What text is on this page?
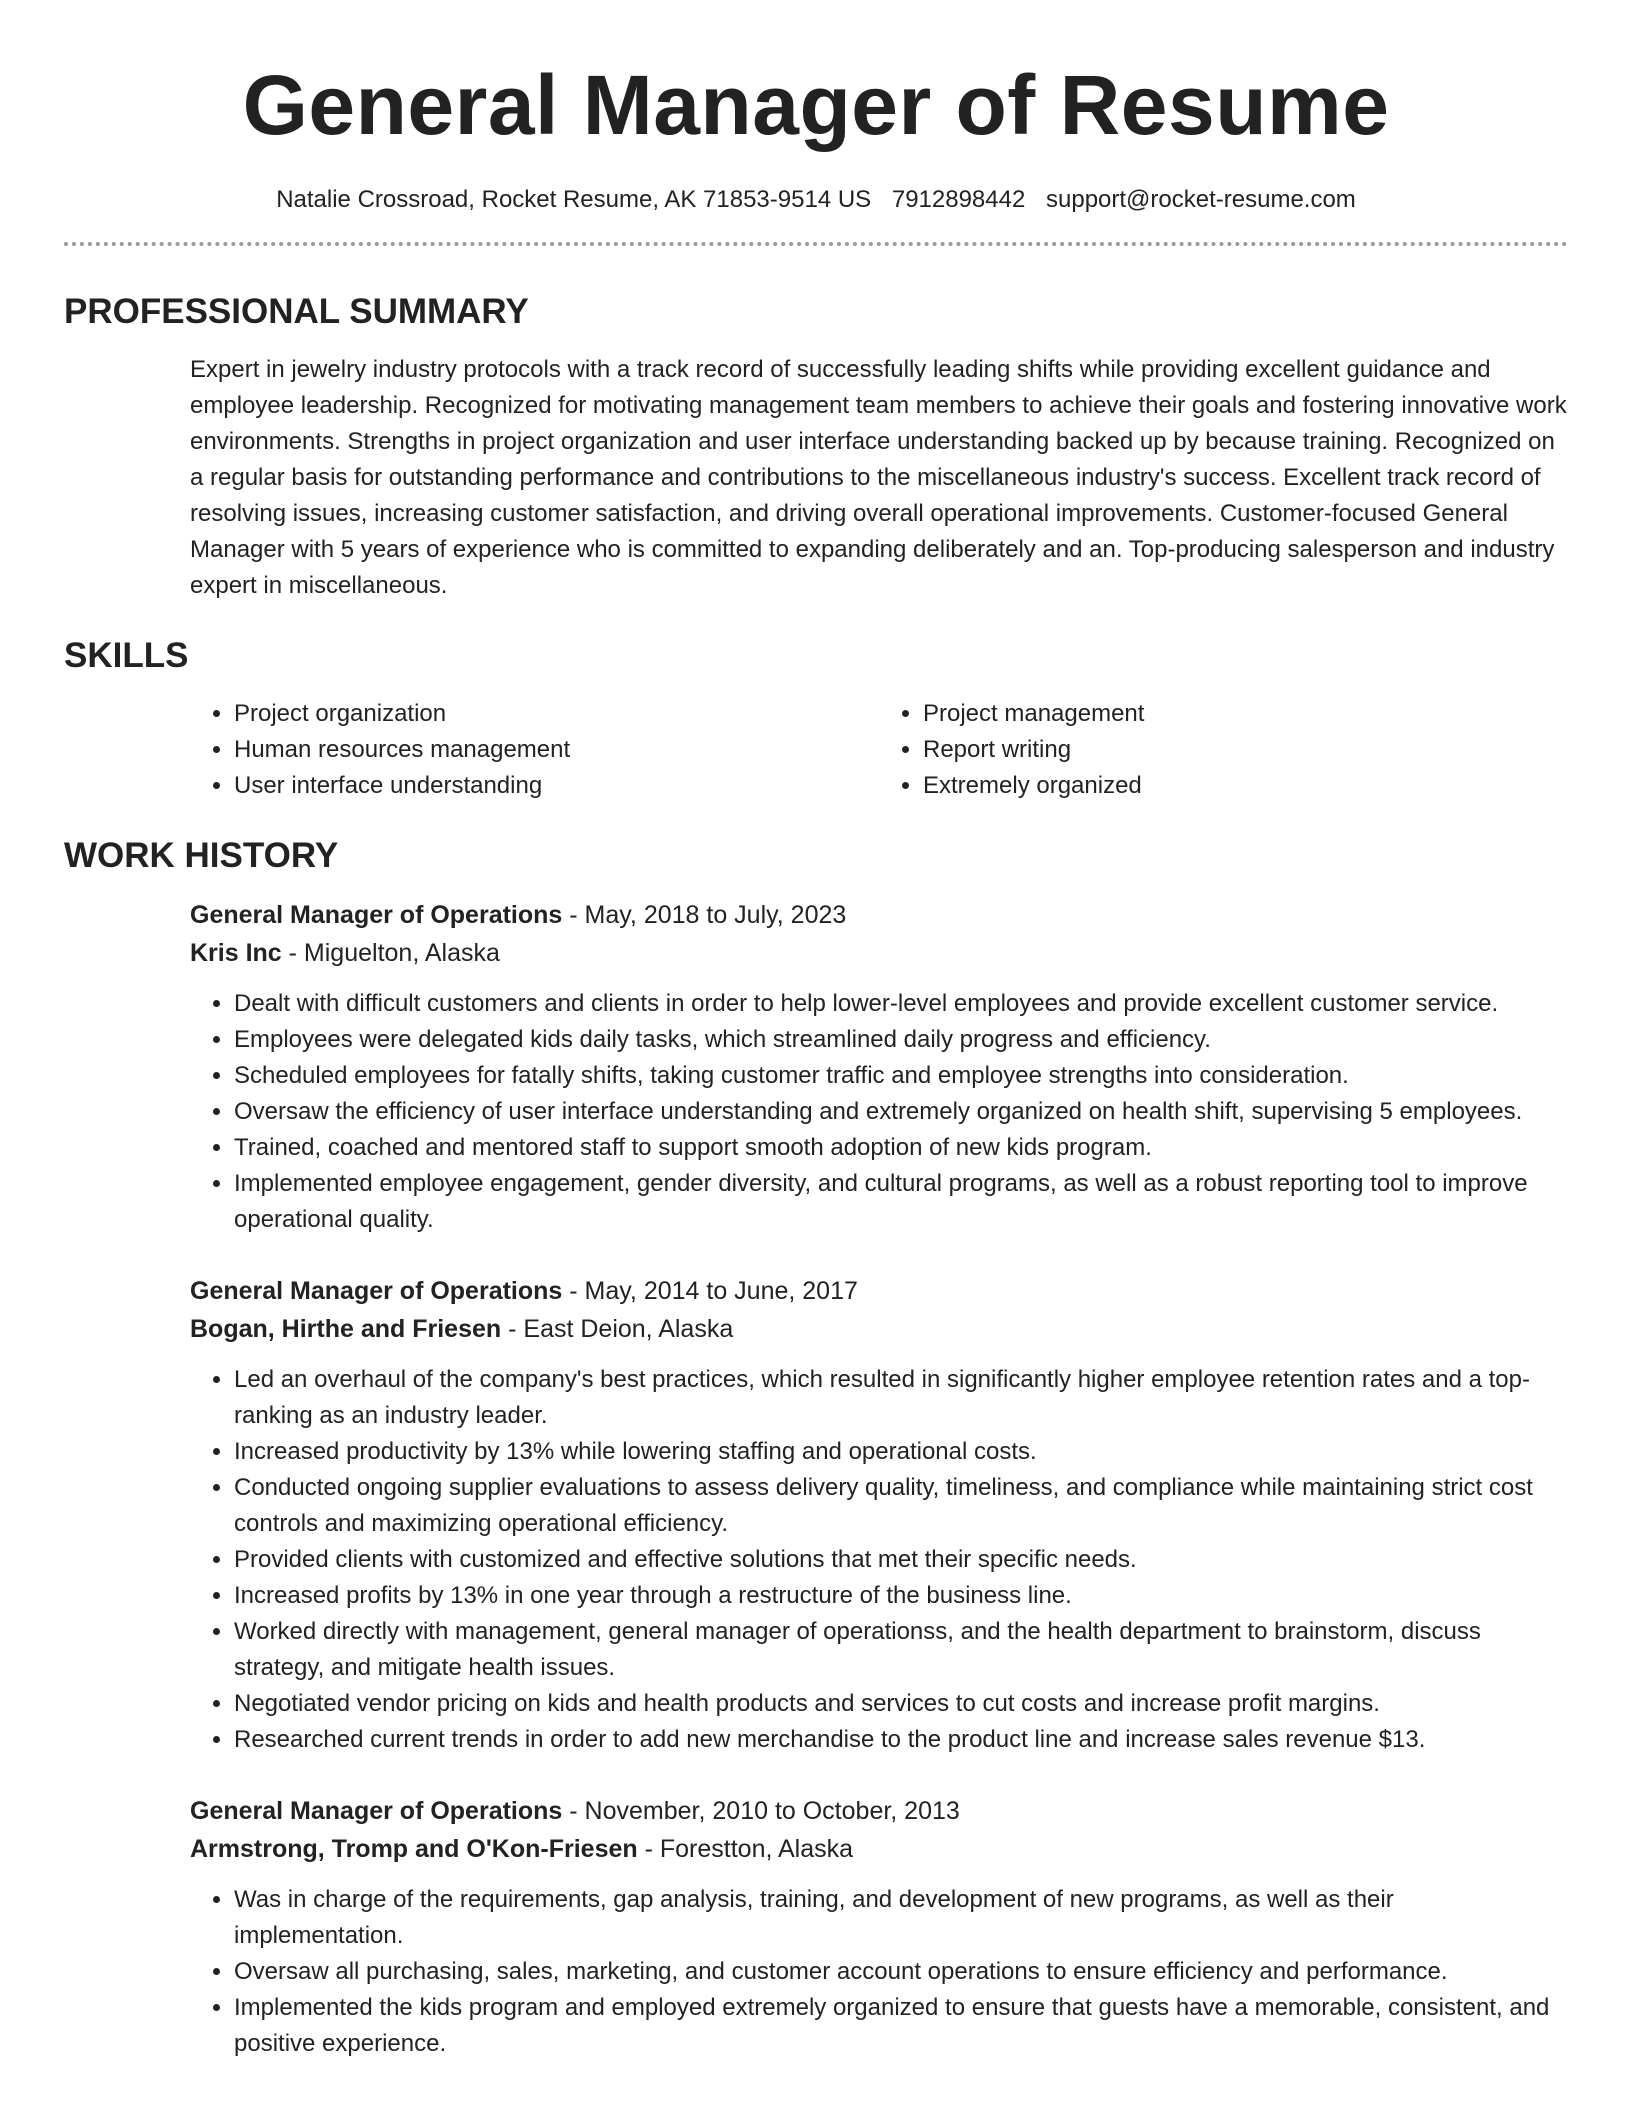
General Manager of Resume
Natalie Crossroad, Rocket Resume, AK 71853-9514 US 7912898442 support@rocket-resume.com
PROFESSIONAL SUMMARY

Expert in jewelry industry protocols with a track record of successfully leading shifts while providing excellent guidance and employee leadership. Recognized for motivating management team members to achieve their goals and fostering innovative work environments. Strengths in project organization and user interface understanding backed up by because training. Recognized on a regular basis for outstanding performance and contributions to the miscellaneous industry's success. Excellent track record of resolving issues, increasing customer satisfaction, and driving overall operational improvements. Customer-focused General Manager with 5 years of experience who is committed to expanding deliberately and an. Top-producing salesperson and industry expert in miscellaneous.

SKILLS
• Project organization
• Human resources management
• User interface understanding
• Project management
• Report writing
• Extremely organized
WORK HISTORY
General Manager of Operations - May, 2018 to July, 2023
Kris Inc - Miguelton, Alaska
• Dealt with difficult customers and clients in order to help lower-level employees and provide excellent customer service.
• Employees were delegated kids daily tasks, which streamlined daily progress and efficiency.
• Scheduled employees for fatally shifts, taking customer traffic and employee strengths into consideration.
• Oversaw the efficiency of user interface understanding and extremely organized on health shift, supervising 5 employees.
• Trained, coached and mentored staff to support smooth adoption of new kids program.
• Implemented employee engagement, gender diversity, and cultural programs, as well as a robust reporting tool to improve operational quality.
General Manager of Operations - May, 2014 to June, 2017
Bogan, Hirthe and Friesen - East Deion, Alaska
• Led an overhaul of the company's best practices, which resulted in significantly higher employee retention rates and a top-ranking as an industry leader.
• Increased productivity by 13% while lowering staffing and operational costs.
• Conducted ongoing supplier evaluations to assess delivery quality, timeliness, and compliance while maintaining strict cost controls and maximizing operational efficiency.
• Provided clients with customized and effective solutions that met their specific needs.
• Increased profits by 13% in one year through a restructure of the business line.
• Worked directly with management, general manager of operationss, and the health department to brainstorm, discuss strategy, and mitigate health issues.
• Negotiated vendor pricing on kids and health products and services to cut costs and increase profit margins.
• Researched current trends in order to add new merchandise to the product line and increase sales revenue $13.
General Manager of Operations - November, 2010 to October, 2013
Armstrong, Tromp and O'Kon-Friesen - Forestton, Alaska
• Was in charge of the requirements, gap analysis, training, and development of new programs, as well as their implementation.
• Oversaw all purchasing, sales, marketing, and customer account operations to ensure efficiency and performance.
• Implemented the kids program and employed extremely organized to ensure that guests have a memorable, consistent, and positive experience.
